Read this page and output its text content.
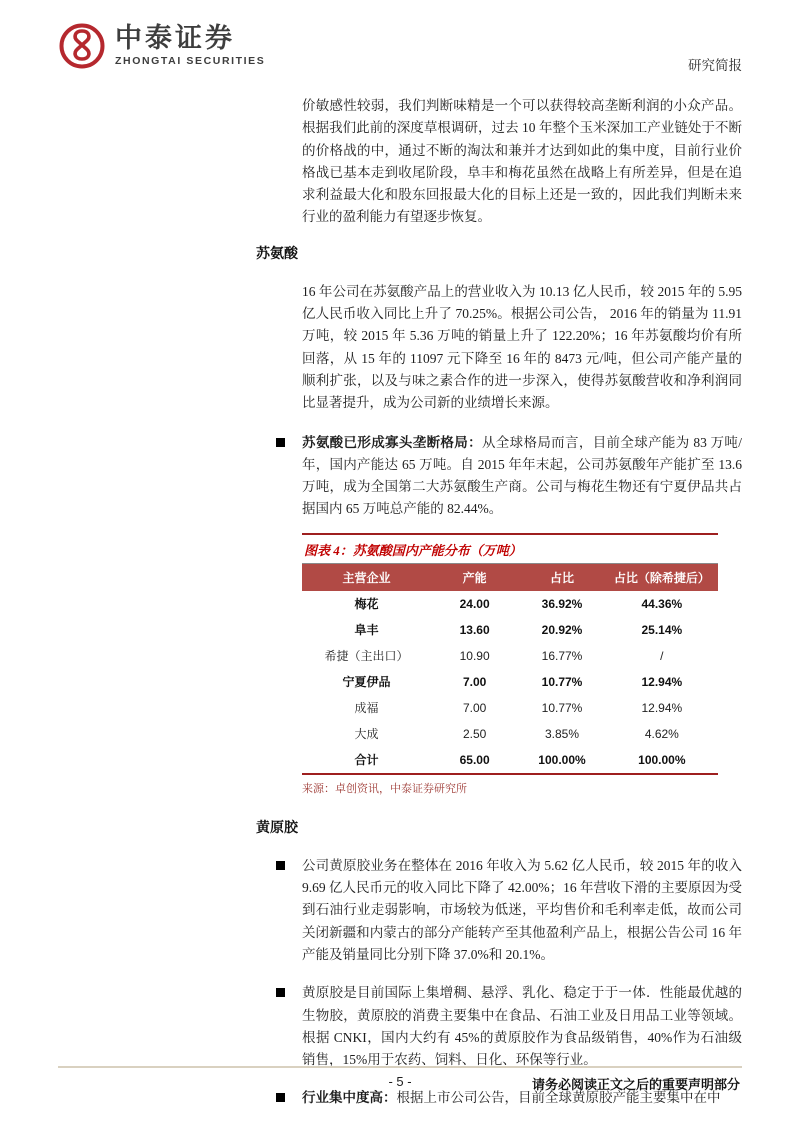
中泰证券
ZHONGTAI SECURITIES	研究简报

价敏感性较弱，我们判断味精是一个可以获得较高垄断利润的小众产品。根据我们此前的深度草根调研，过去 10 年整个玉米深加工产业链处于不断的价格战的中，通过不断的淘汰和兼并才达到如此的集中度，目前行业价格战已基本走到收尾阶段，阜丰和梅花虽然在战略上有所差异，但是在追求利益最大化和股东回报最大化的目标上还是一致的，因此我们判断未来行业的盈利能力有望逐步恢复。

苏氨酸

16 年公司在苏氨酸产品上的营业收入为 10.13 亿人民币，较 2015 年的 5.95 亿人民币收入同比上升了 70.25%。根据公司公告， 2016 年的销量为 11.91 万吨，较 2015 年 5.36 万吨的销量上升了 122.20%；16 年苏氨酸均价有所回落，从 15 年的 11097 元下降至 16 年的 8473 元/吨，但公司产能产量的顺利扩张，以及与味之素合作的进一步深入，使得苏氨酸营收和净利润同比显著提升，成为公司新的业绩增长来源。

苏氨酸已形成寡头垄断格局：从全球格局而言，目前全球产能为 83 万吨/年，国内产能达 65 万吨。自 2015 年年末起，公司苏氨酸年产能扩至 13.6 万吨，成为全国第二大苏氨酸生产商。公司与梅花生物还有宁夏伊品共占据国内 65 万吨总产能的 82.44%。
图表 4：苏氨酸国内产能分布（万吨）
主营企业	产能	占比	占比（除希捷后）
梅花	24.00	36.92%	44.36%
阜丰	13.60	20.92%	25.14%
希捷（主出口）	10.90	16.77%	/
宁夏伊品	7.00	10.77%	12.94%
成福	7.00	10.77%	12.94%
大成	2.50	3.85%	4.62%
合计	65.00	100.00%	100.00%
来源：卓创资讯，中泰证券研究所
黄原胶
公司黄原胶业务在整体在 2016 年收入为 5.62 亿人民币，较 2015 年的收入 9.69 亿人民币元的收入同比下降了 42.00%；16 年营收下滑的主要原因为受到石油行业走弱影响，市场较为低迷，平均售价和毛利率走低，故而公司关闭新疆和内蒙古的部分产能转产至其他盈利产品上，根据公告公司 16 年产能及销量同比分别下降 37.0%和 20.1%。
黄原胶是目前国际上集增稠、悬浮、乳化、稳定于于一体．性能最优越的生物胶，黄原胶的消费主要集中在食品、石油工业及日用品工业等领域。根据 CNKI，国内大约有 45%的黄原胶作为食品级销售，40%作为石油级销售，15%用于农药、饲料、日化、环保等行业。
行业集中度高：根据上市公司公告，目前全球黄原胶产能主要集中在中
- 5 -	请务必阅读正文之后的重要声明部分
